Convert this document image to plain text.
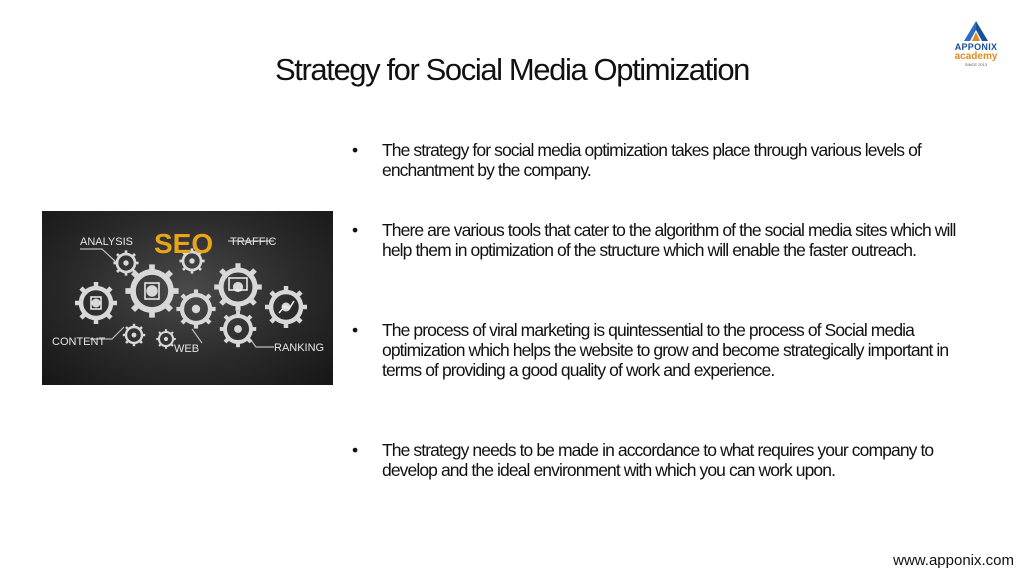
Strategy for Social Media Optimization
APPONIX
academy
SINCE 2013
ANALYSIS SEO TRAFFIC
CONTENT
WEB	RANKING
• The strategy for social media optimization takes place through various levels of enchantment by the company.
• There are various tools that cater to the algorithm of the social media sites which will help them in optimization of the structure which will enable the faster outreach.
• The process of viral marketing is quintessential to the process of Social media optimization which helps the website to grow and become strategically important in terms of providing a good quality of work and experience.
• The strategy needs to be made in accordance to what requires your company to develop and the ideal environment with which you can work upon.
www.apponix.com
